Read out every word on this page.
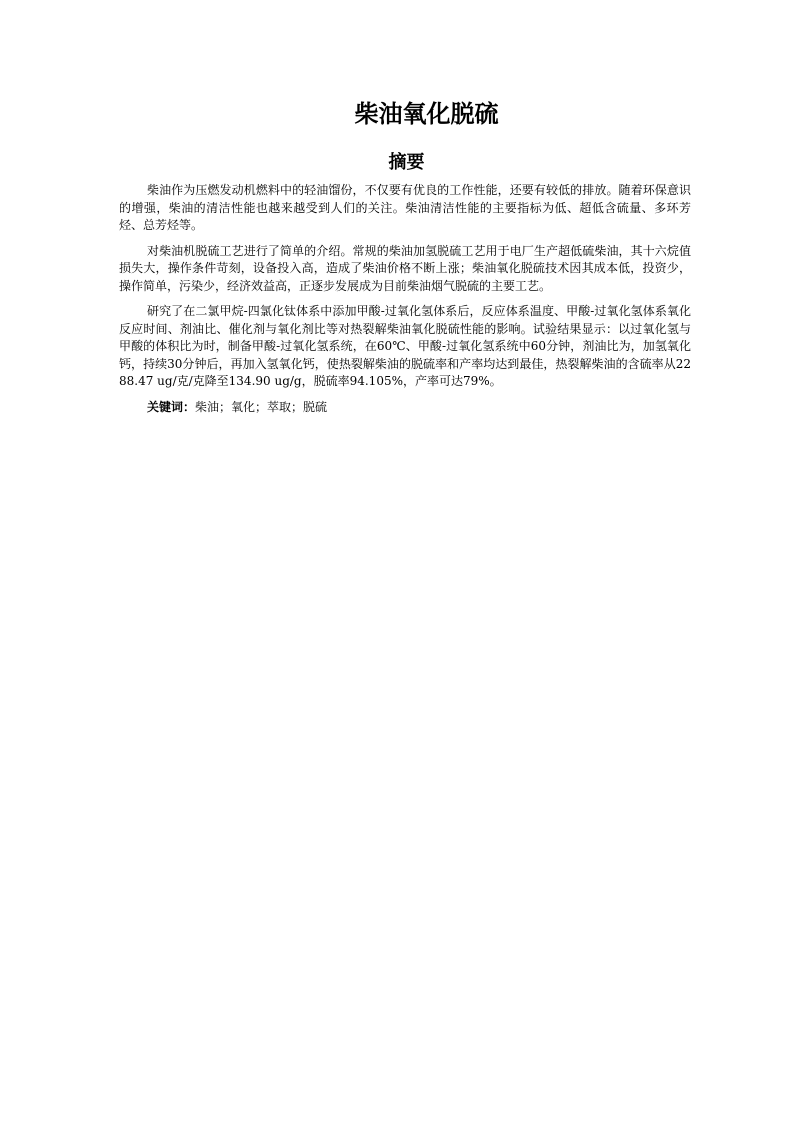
柴油氧化脱硫
摘要

柴油作为压燃发动机燃料中的轻油馏份，不仅要有优良的工作性能，还要有较低的排放。随着环保意识的增强，柴油的清洁性能也越来越受到人们的关注。柴油清洁性能的主要指标为低、超低含硫量、多环芳烃、总芳烃等。

对柴油机脱硫工艺进行了简单的介绍。常规的柴油加氢脱硫工艺用于电厂生产超低硫柴油，其十六烷值损失大，操作条件苛刻，设备投入高，造成了柴油价格不断上涨；柴油氧化脱硫技术因其成本低，投资少，操作简单，污染少，经济效益高，正逐步发展成为目前柴油烟气脱硫的主要工艺。

研究了在二氯甲烷-四氯化钛体系中添加甲酸-过氧化氢体系后，反应体系温度、甲酸-过氧化氢体系氧化反应时间、剂油比、催化剂与氧化剂比等对热裂解柴油氧化脱硫性能的影响。试验结果显示：以过氧化氢与甲酸的体积比为时，制备甲酸-过氧化氢系统，在60℃、甲酸-过氧化氢系统中60分钟，剂油比为，加氢氧化钙，持续30分钟后，再加入氢氧化钙，使热裂解柴油的脱硫率和产率均达到最佳，热裂解柴油的含硫率从2288.47 ug/克/克降至134.90 ug/g，脱硫率94.105%，产率可达79%。

关键词：柴油；氧化；萃取；脱硫
